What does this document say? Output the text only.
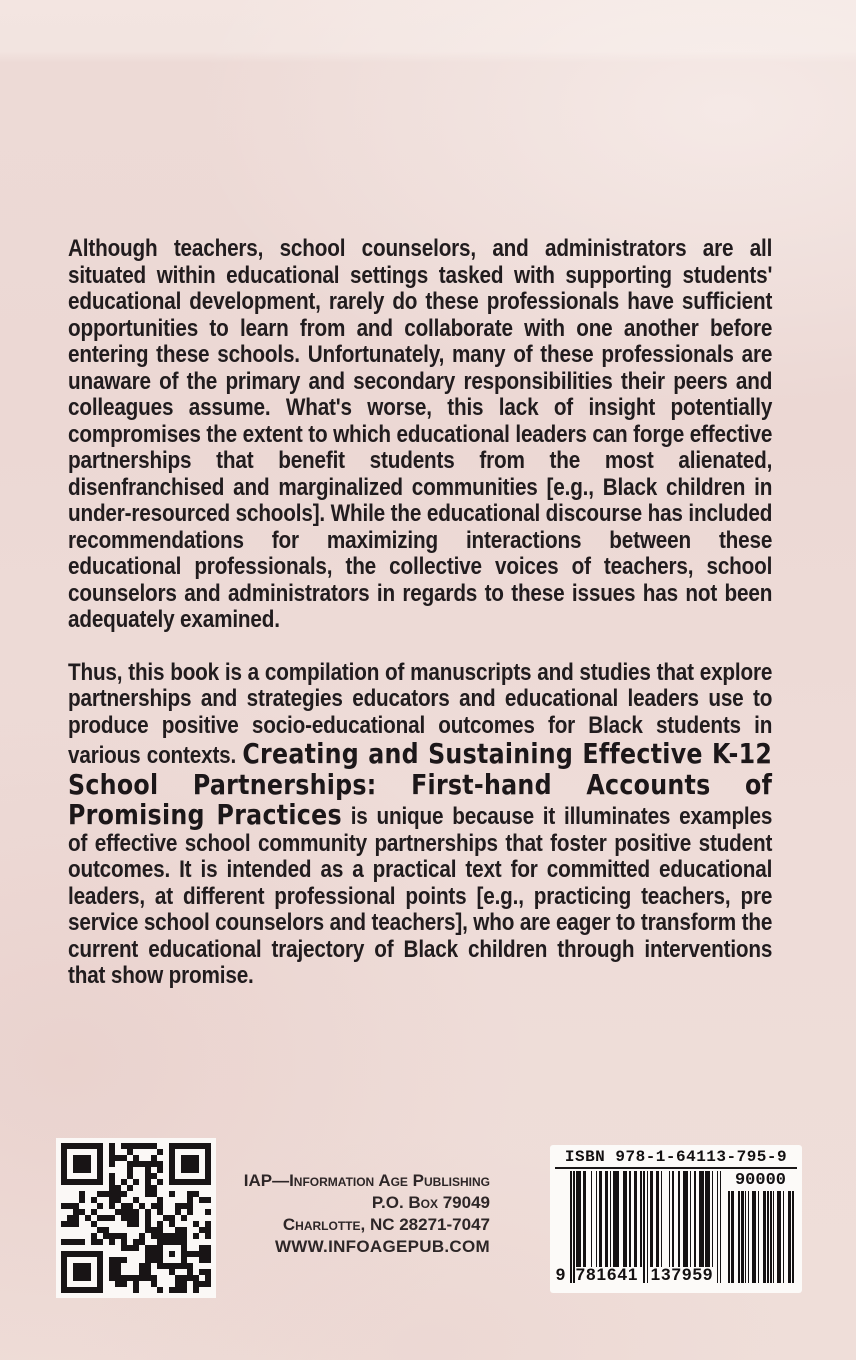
Although teachers, school counselors, and administrators are all situated within educational settings tasked with supporting students' educational development, rarely do these professionals have sufficient opportunities to learn from and collaborate with one another before entering these schools. Unfortunately, many of these professionals are unaware of the primary and secondary responsibilities their peers and colleagues assume. What's worse, this lack of insight potentially compromises the extent to which educational leaders can forge effective partnerships that benefit students from the most alienated, disenfranchised and marginalized communities [e.g., Black children in under-resourced schools]. While the educational discourse has included recommendations for maximizing interactions between these educational professionals, the collective voices of teachers, school counselors and administrators in regards to these issues has not been adequately examined.

Thus, this book is a compilation of manuscripts and studies that explore partnerships and strategies educators and educational leaders use to produce positive socio-educational outcomes for Black students in various contexts. Creating and Sustaining Effective K-12 School Partnerships: First-hand Accounts of Promising Practices is unique because it illuminates examples of effective school community partnerships that foster positive student outcomes. It is intended as a practical text for committed educational leaders, at different professional points [e.g., practicing teachers, pre service school counselors and teachers], who are eager to transform the current educational trajectory of Black children through interventions that show promise.

IAP—Information Age Publishing
P.O. Box 79049
Charlotte, NC 28271-7047
WWW.INFOAGEPUB.COM
ISBN 978-1-64113-795-9
90000
9 781641 137959
